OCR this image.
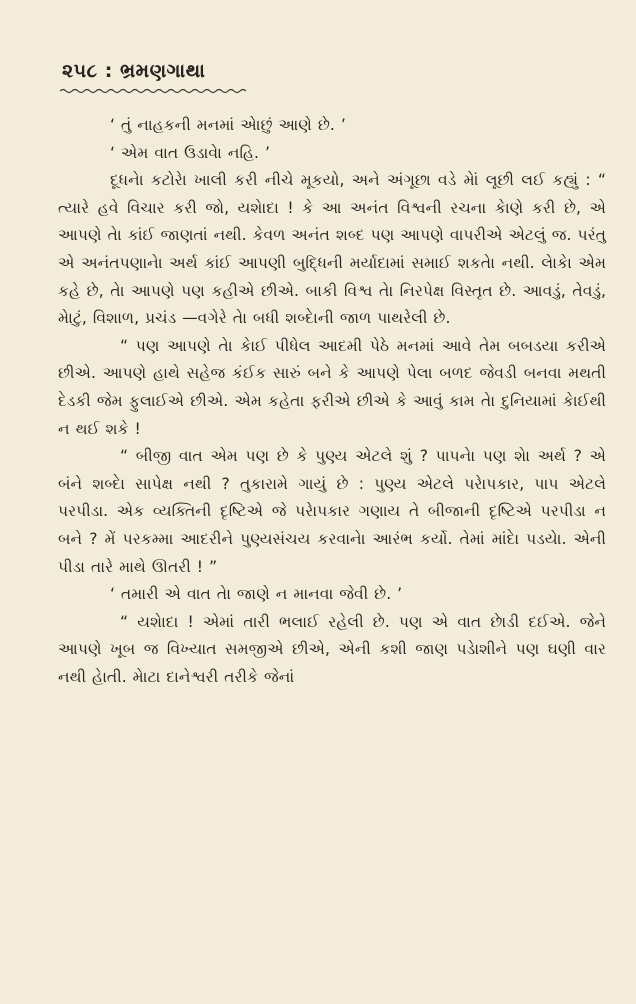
૨૫૮ : ભ્રમણગાથા

‘ તું નાહકની મનમાં એાછું આણે છે. ’

‘ એમ વાત ઉડાવેા નહિ. ’

દૂધનેા કટોરેા ખાલી કરી નીચે મૂકયો, અને અંગૂછા વડે મેાં લૂછી લઈ કહ્યું : “ ત્યારે હવે વિચાર કરી જો, યશેાદા ! કે આ અનંત વિશ્વની રચના કેાણે કરી છે, એ આપણે તેા કાંઈ જાણતાં નથી. કેવળ અનંત શબ્દ પણ આપણે વાપરીએ એટલું જ. પરંતુ એ અનંતપણાનેા અર્થ કાંઈ આપણી બુદ્ધિની મર્યાદામાં સમાઈ શકતેા નથી. લેાકેા એમ કહે છે, તેા આપણે પણ કહીએ છીએ. બાકી વિશ્વ તેા નિરપેક્ષ વિસ્તૃત છે. આવડું, તેવડું, મેાટું, વિશાળ, પ્રચંડ —વગેરે તેા બધી શબ્દેાની જાળ પાથરેલી છે.

“ પણ આપણે તેા કેાઈ પીધેલ આદમી પેઠે મનમાં આવે તેમ બબડયા કરીએ છીએ. આપણે હાથે સહેજ કંઈક સારું બને કે આપણે પેલા બળદ જેવડી બનવા મથતી દેડકી જેમ ફુલાઈએ છીએ. એમ કહેતા ફરીએ છીએ કે આવું કામ તેા દુનિયામાં કેાઈથી ન થઈ શકે !

“ બીજી વાત એમ પણ છે કે પુણ્ય એટલે શું ? પાપનેા પણ શેા અર્થ ? એ બંને શબ્દેા સાપેક્ષ નથી ? તુકારામે ગાયું છે : પુણ્ય એટલે પરેાપકાર, પાપ એટલે પરપીડા. એક વ્યક્તિની દૃષ્ટિએ જે પરેાપકાર ગણાય તે બીજાની દૃષ્ટિએ પરપીડા ન બને ? મેં પરકમ્મા આદરીને પુણ્યસંચય કરવાનેા આરંભ કર્યો. તેમાં માંદેા પડયેા. એની પીડા તારે માથે ઊતરી ! ”

‘ તમારી એ વાત તેા જાણે ન માનવા જેવી છે. ’

“ યશેાદા ! એમાં તારી ભલાઈ રહેલી છે. પણ એ વાત છેાડી દઈએ. જેને આપણે ખૂબ જ વિખ્યાત સમજીએ છીએ, એની કશી જાણ પડેાશીને પણ ઘણી વાર નથી હેાતી. મેાટા દાનેશ્વરી તરીકે જેનાં
